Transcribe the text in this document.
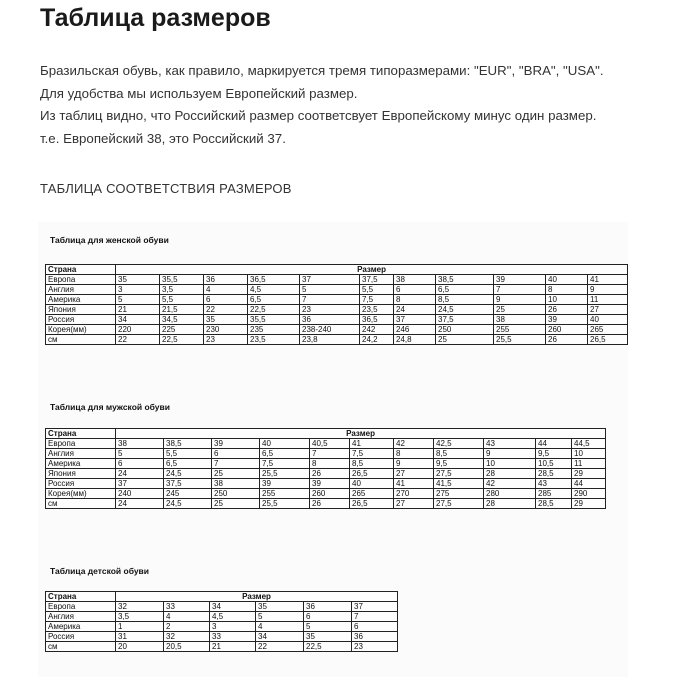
Таблица размеров
Бразильская обувь, как правило, маркируется тремя типоразмерами: "EUR", "BRA", "USA".
Для удобства мы используем Европейский размер.
Из таблиц видно, что Российский размер соответсвует Европейскому минус один размер.
т.е. Европейский 38, это Российский 37.
ТАБЛИЦА СООТВЕТСТВИЯ РАЗМЕРОВ
Таблица для женской обуви
Страна	Размер										
Европа	35	35,5	36	36,5	37	37,5	38	38,5	39	40	41
Англия	3	3,5	4	4,5	5	5,5	6	6,5	7	8	9
Америка	5	5,5	6	6,5	7	7,5	8	8,5	9	10	11
Япония	21	21,5	22	22,5	23	23,5	24	24,5	25	26	27
Россия	34	34,5	35	35,5	36	36,5	37	37,5	38	39	40
Корея(мм)	220	225	230	235	238-240	242	246	250	255	260	265
см	22	22,5	23	23,5	23,8	24,2	24,8	25	25,5	26	26,5
Таблица для мужской обуви
Страна	Размер										
Европа	38	38,5	39	40	40,5	41	42	42,5	43	44	44,5
Англия	5	5,5	6	6,5	7	7,5	8	8,5	9	9,5	10
Америка	6	6,5	7	7,5	8	8,5	9	9,5	10	10,5	11
Япония	24	24,5	25	25,5	26	26,5	27	27,5	28	28,5	29
Россия	37	37,5	38	39	39	40	41	41,5	42	43	44
Корея(мм)	240	245	250	255	260	265	270	275	280	285	290
см	24	24,5	25	25,5	26	26,5	27	27,5	28	28,5	29
Таблица детской обуви
Страна	Размер					
Европа	32	33	34	35	36	37
Англия	3,5	4	4,5	5	6	7
Америка	1	2	3	4	5	6
Россия	31	32	33	34	35	36
см	20	20,5	21	22	22,5	23
